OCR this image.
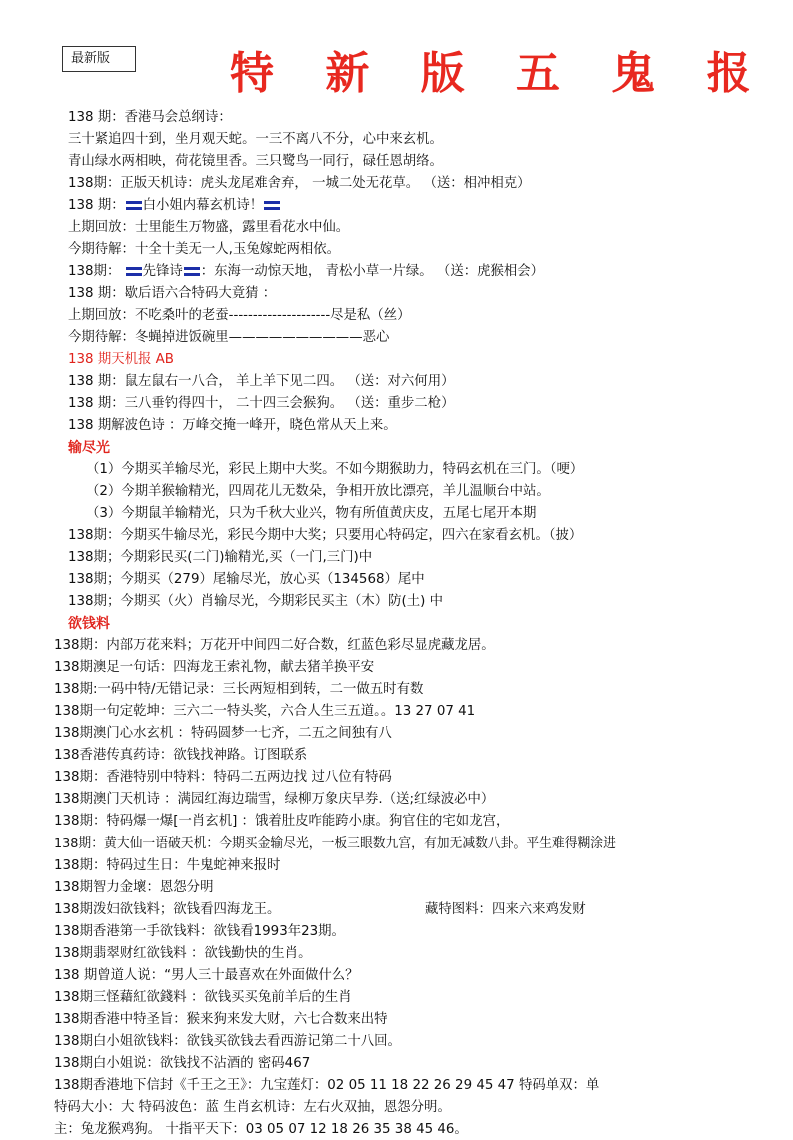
最新版	特 新 版 五 鬼 报
138 期：香港马会总纲诗：
三十紧追四十到，坐月观天蛇。一三不离八不分，心中来玄机。
青山绿水两相映，荷花镜里香。三只鹭鸟一同行，碌任恩胡络。
138期：正版天机诗：虎头龙尾难舍弃， 一城二处无花草。 （送：相冲相克）
138 期： 白小姐内幕玄机诗！
上期回放：士里能生万物盛，露里看花水中仙。
今期待解：十全十美无一人,玉兔嫁蛇两相依。
138期： 先锋诗 ：东海一动惊天地， 青松小草一片绿。 （送：虎猴相会）
138 期：歇后语六合特码大竟猜 ：
上期回放：不吃桑叶的老蚕---------------------尽是私（丝）
今期待解：冬蝇掉进饭碗里——————————恶心
138 期天机报 AB
138 期：鼠左鼠右一八合， 羊上羊下见二四。 （送：对六何用）
138 期：三八垂钓得四十， 二十四三会猴狗。 （送：重步二枪）
138 期解波色诗 ：万峰交掩一峰开，晓色常从天上来。
输尽光
（1）今期买羊输尽光，彩民上期中大奖。不如今期猴助力，特码玄机在三门。（哽）
（2）今期羊猴输精光，四周花儿无数朵，争相开放比漂亮，羊儿温顺台中站。
（3）今期鼠羊输精光，只为千秋大业兴，物有所值黄庆皮，五尾七尾开本期
138期：今期买牛输尽光，彩民今期中大奖；只要用心特码定，四六在家看玄机。（披）
138期；今期彩民买(二门)输精光,买（一门,三门)中
138期；今期买（279）尾输尽光，放心买（134568）尾中
138期；今期买（火）肖输尽光，今期彩民买主（木）防(土) 中
欲钱料
138期：内部万花来料；万花开中间四二好合数，红蓝色彩尽显虎藏龙居。
138期澳足一句话：四海龙王索礼物，献去猪羊换平安
138期:一码中特/无错记录：三长两短相到转，二一做五时有数
138期一句定乾坤：三六二一特头奖，六合人生三五道。。13 27 07 41
138期澳门心水玄机 ：特码圆梦一七齐，二五之间独有八
138香港传真药诗：欲钱找神路。订图联系
138期：香港特别中特料：特码二五两边找 过八位有特码
138期澳门天机诗 ：满园红海边瑞雪，绿柳万象庆早券.（送;红绿波必中）
138期：特码爆一爆[一肖玄机] ：饿着肚皮咋能跨小康。狗官住的宅如龙宫，
138期：黄大仙一语破天机：今期买金输尽光，一板三眼数九宫，有加无减数八卦。平生难得糊涂进
138期：特码过生日：牛鬼蛇神来报时
138期智力金壞：恩怨分明
138期泼妇欲钱料；欲钱看四海龙王。	藏特图料：四来六来鸡发财
138期香港第一手欲钱料：欲钱看1993年23期。
138期翡翠财红欲钱料 ：欲钱勤快的生肖。
138 期曾道人说：“男人三十最喜欢在外面做什么？
138期三怪藉紅欲錢料 ：欲钱买买兔前羊后的生肖
138期香港中特圣旨：猴来狗来发大财，六七合数来出特
138期白小姐欲钱料：欲钱买欲钱去看西游记第二十八回。
138期白小姐说：欲钱找不沾酒的 密码467
138期香港地下信封《千王之王》：九宝莲灯：02 05 11 18 22 26 29 45 47 特码单双：单
特码大小：大 特码波色：蓝 生肖玄机诗：左右火双抽，恩怨分明。
主：兔龙猴鸡狗。 十指平天下：03 05 07 12 18 26 35 38 45 46。
